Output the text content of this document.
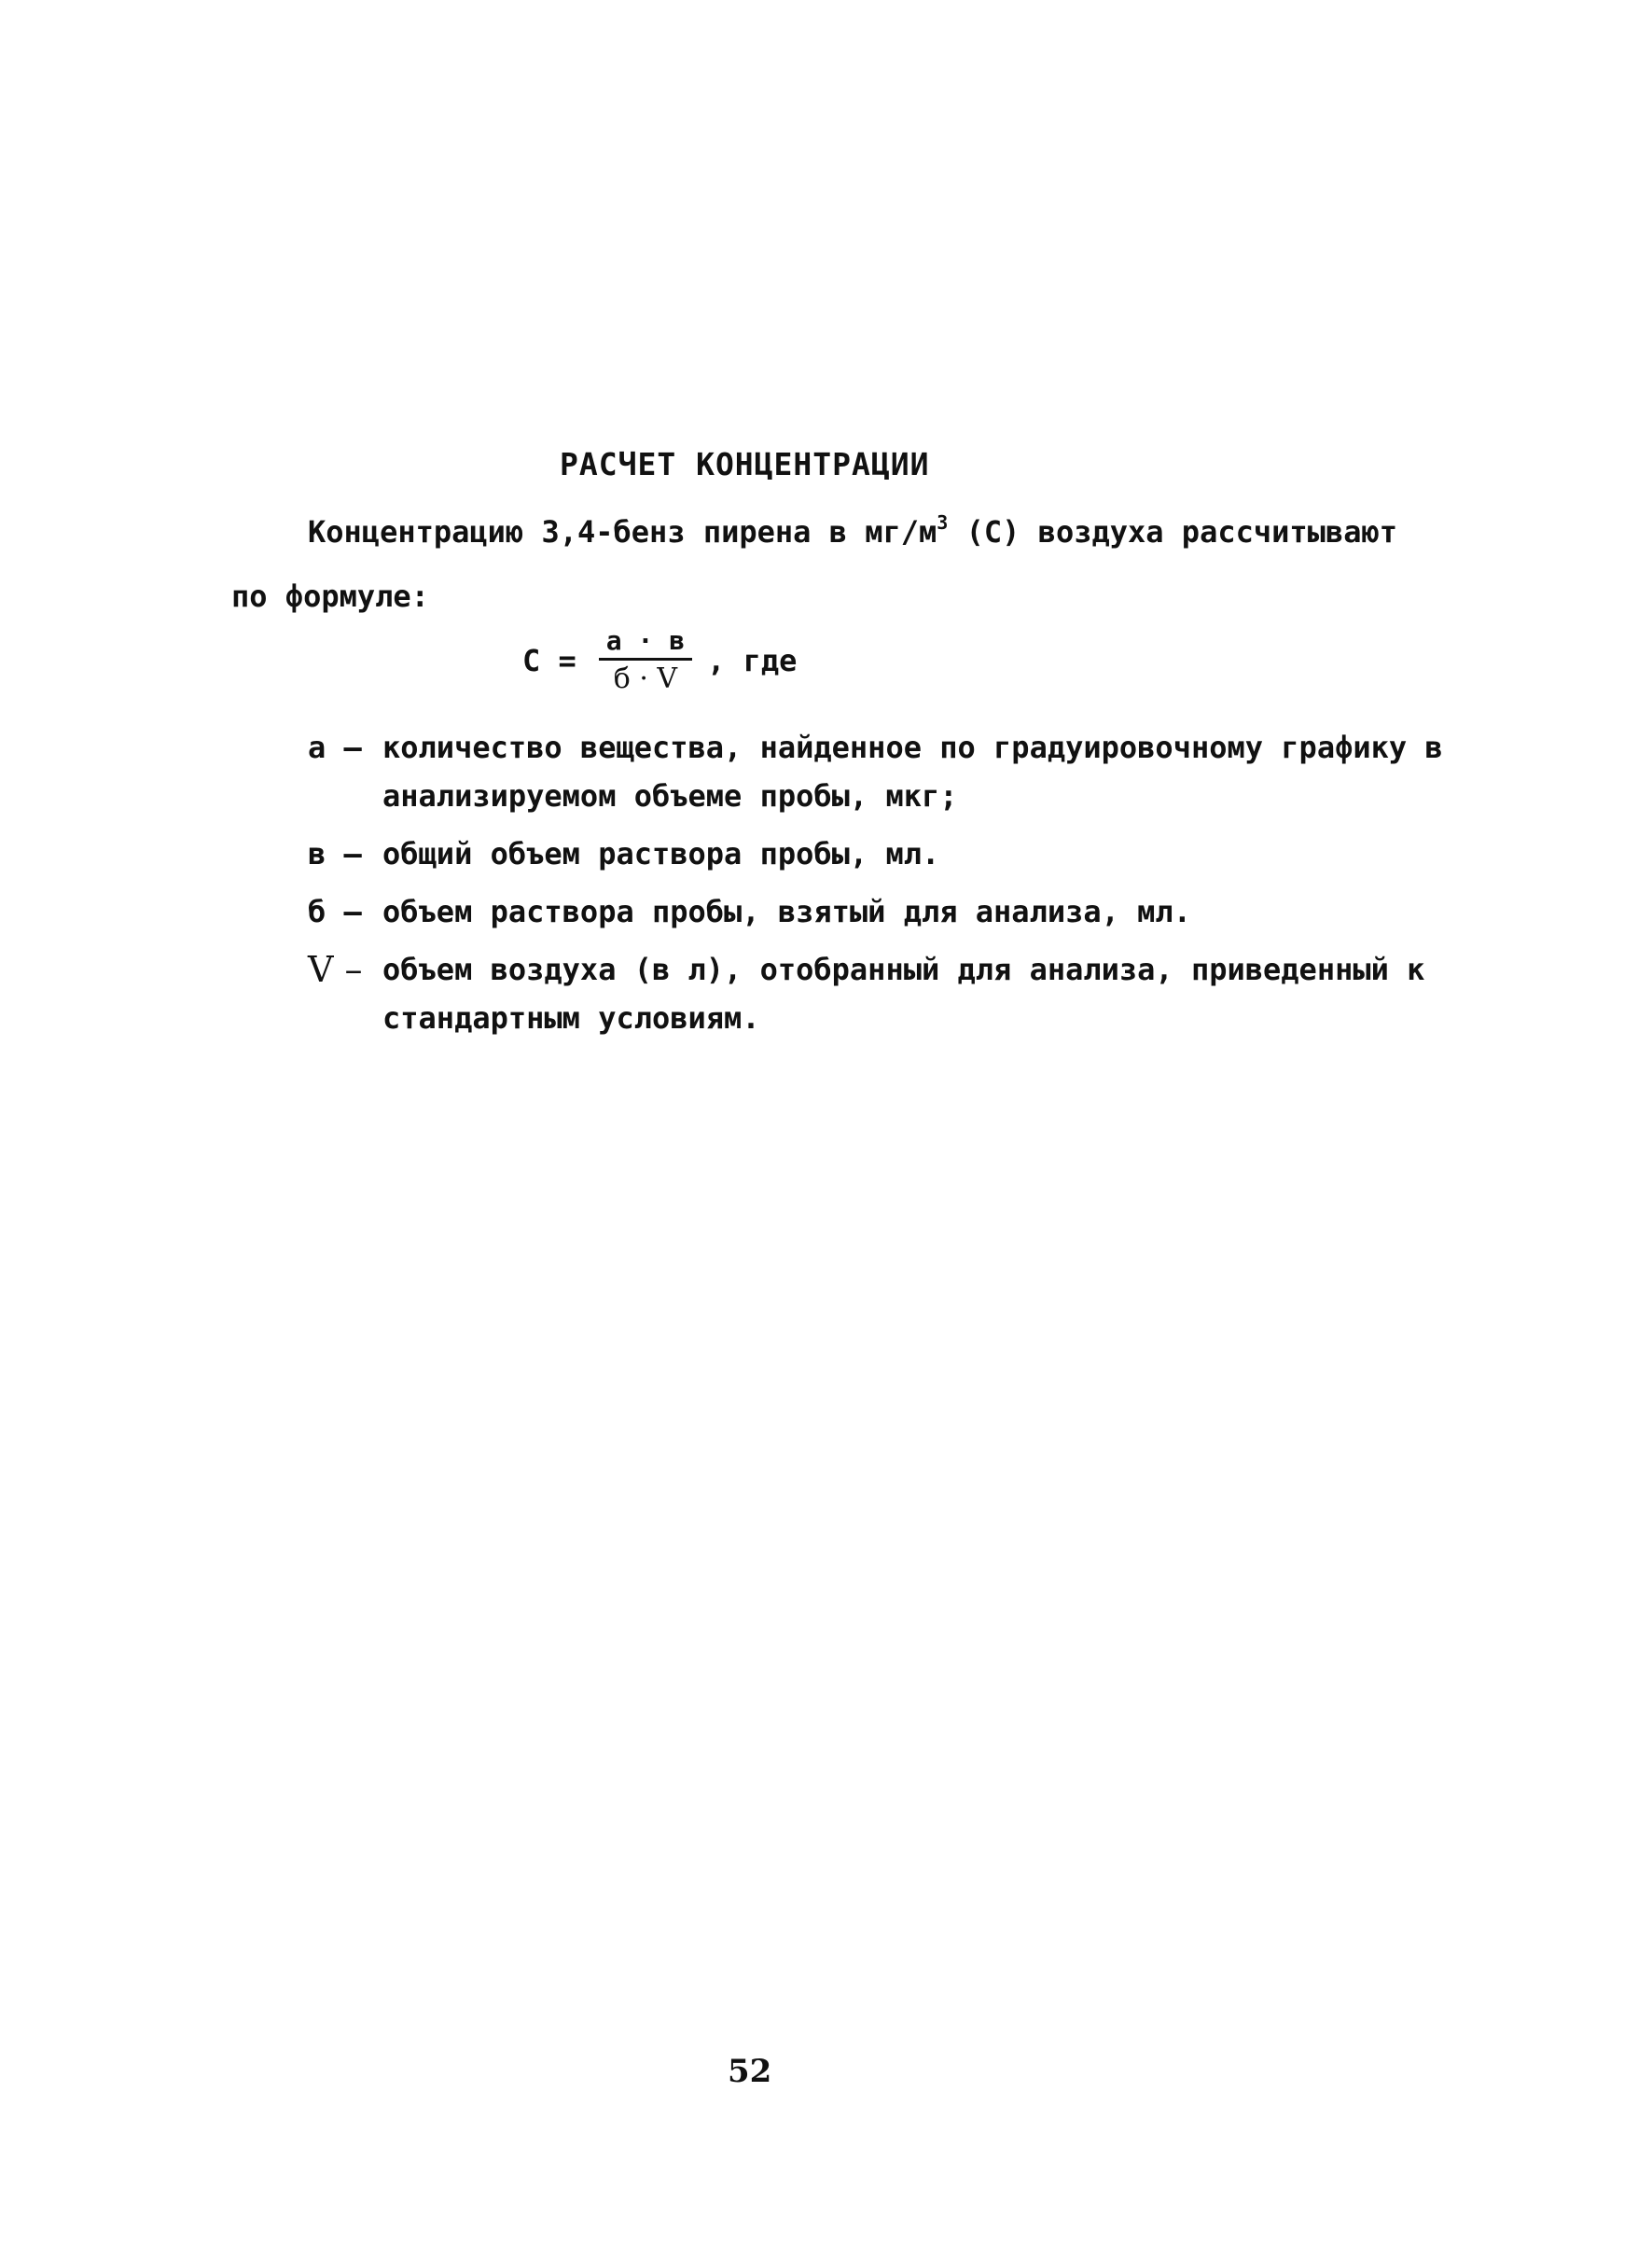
РАСЧЕТ КОНЦЕНТРАЦИИ
Концентрацию 3,4-бенз пирена в $мг/м^3$ (С) воздуха рассчитывают
по формуле:
$С = \frac{а \cdot в}{б \cdot V}$ , где
а – количество вещества, найденное по градуировочному графику в анализируемом объеме пробы, мкг;
в – общий объем раствора пробы, мл.
б – объем раствора пробы, взятый для анализа, мл.
V – объем воздуха (в л), отобранный для анализа, приведенный к стандартным условиям.
52
